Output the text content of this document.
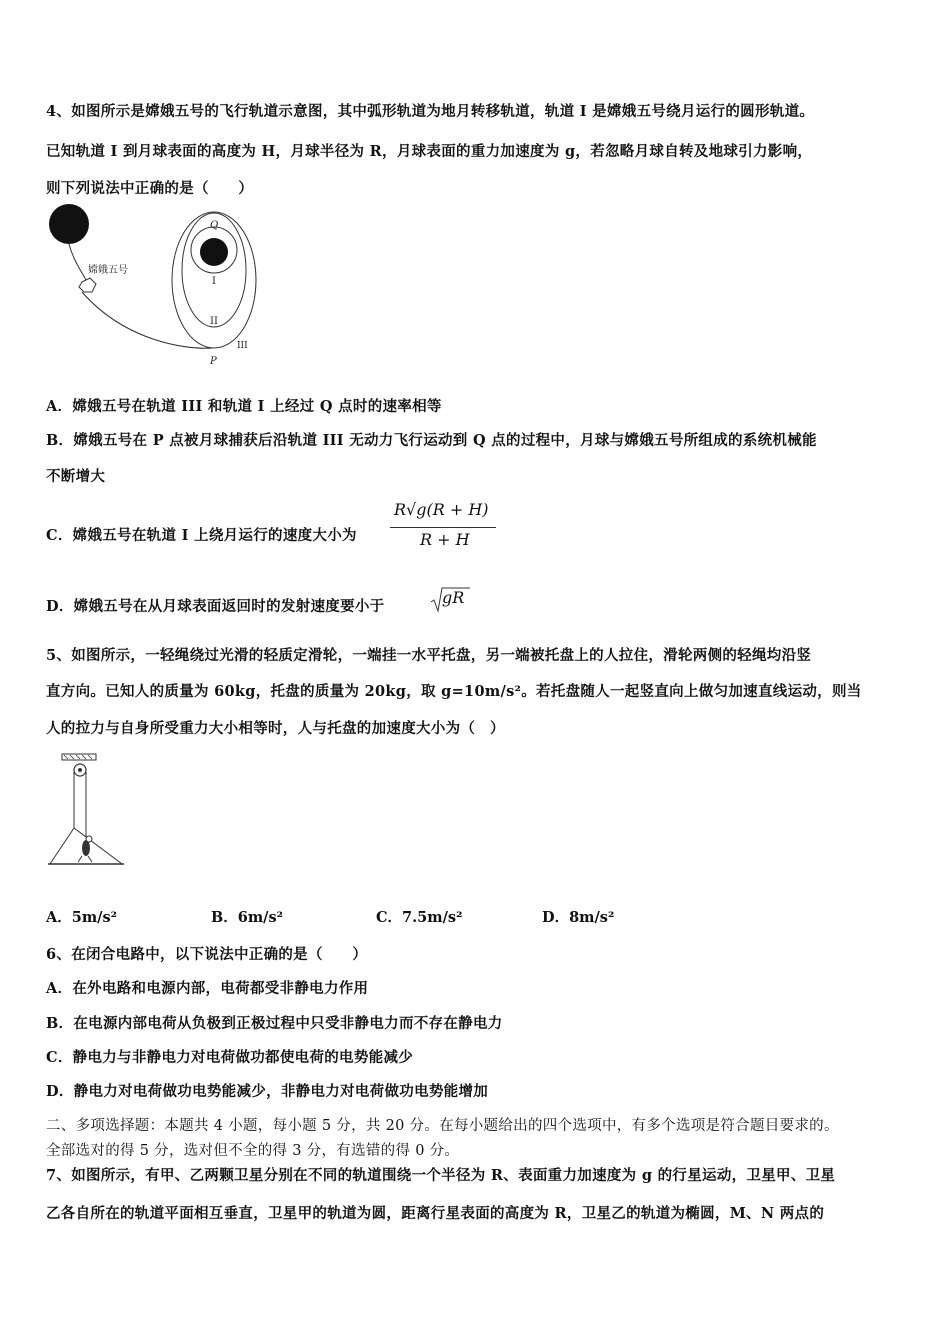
4、如图所示是嫦娥五号的飞行轨道示意图，其中弧形轨道为地月转移轨道，轨道 I 是嫦娥五号绕月运行的圆形轨道。
已知轨道 I 到月球表面的高度为 H，月球半径为 R，月球表面的重力加速度为 g，若忽略月球自转及地球引力影响，
则下列说法中正确的是（　　）
嫦娥五号
Q
I
II
III
P
A．嫦娥五号在轨道 III 和轨道 I 上经过 Q 点时的速率相等
B．嫦娥五号在 P 点被月球捕获后沿轨道 III 无动力飞行运动到 Q 点的过程中，月球与嫦娥五号所组成的系统机械能
不断增大
C．嫦娥五号在轨道 I 上绕月运行的速度大小为
R√g(R + H)
R + H
D．嫦娥五号在从月球表面返回时的发射速度要小于	gR
5、如图所示，一轻绳绕过光滑的轻质定滑轮，一端挂一水平托盘，另一端被托盘上的人拉住，滑轮两侧的轻绳均沿竖
直方向。已知人的质量为 60kg，托盘的质量为 20kg，取 g=10m/s²。若托盘随人一起竖直向上做匀加速直线运动，则当
人的拉力与自身所受重力大小相等时，人与托盘的加速度大小为（　）
A．5m/s²	B．6m/s²	C．7.5m/s²	D．8m/s²
6、在闭合电路中，以下说法中正确的是（　　）
A．在外电路和电源内部，电荷都受非静电力作用
B．在电源内部电荷从负极到正极过程中只受非静电力而不存在静电力
C．静电力与非静电力对电荷做功都使电荷的电势能减少
D．静电力对电荷做功电势能减少，非静电力对电荷做功电势能增加
二、多项选择题：本题共 4 小题，每小题 5 分，共 20 分。在每小题给出的四个选项中，有多个选项是符合题目要求的。
全部选对的得 5 分，选对但不全的得 3 分，有选错的得 0 分。
7、如图所示，有甲、乙两颗卫星分别在不同的轨道围绕一个半径为 R、表面重力加速度为 g 的行星运动，卫星甲、卫星
乙各自所在的轨道平面相互垂直，卫星甲的轨道为圆，距离行星表面的高度为 R，卫星乙的轨道为椭圆，M、N 两点的
